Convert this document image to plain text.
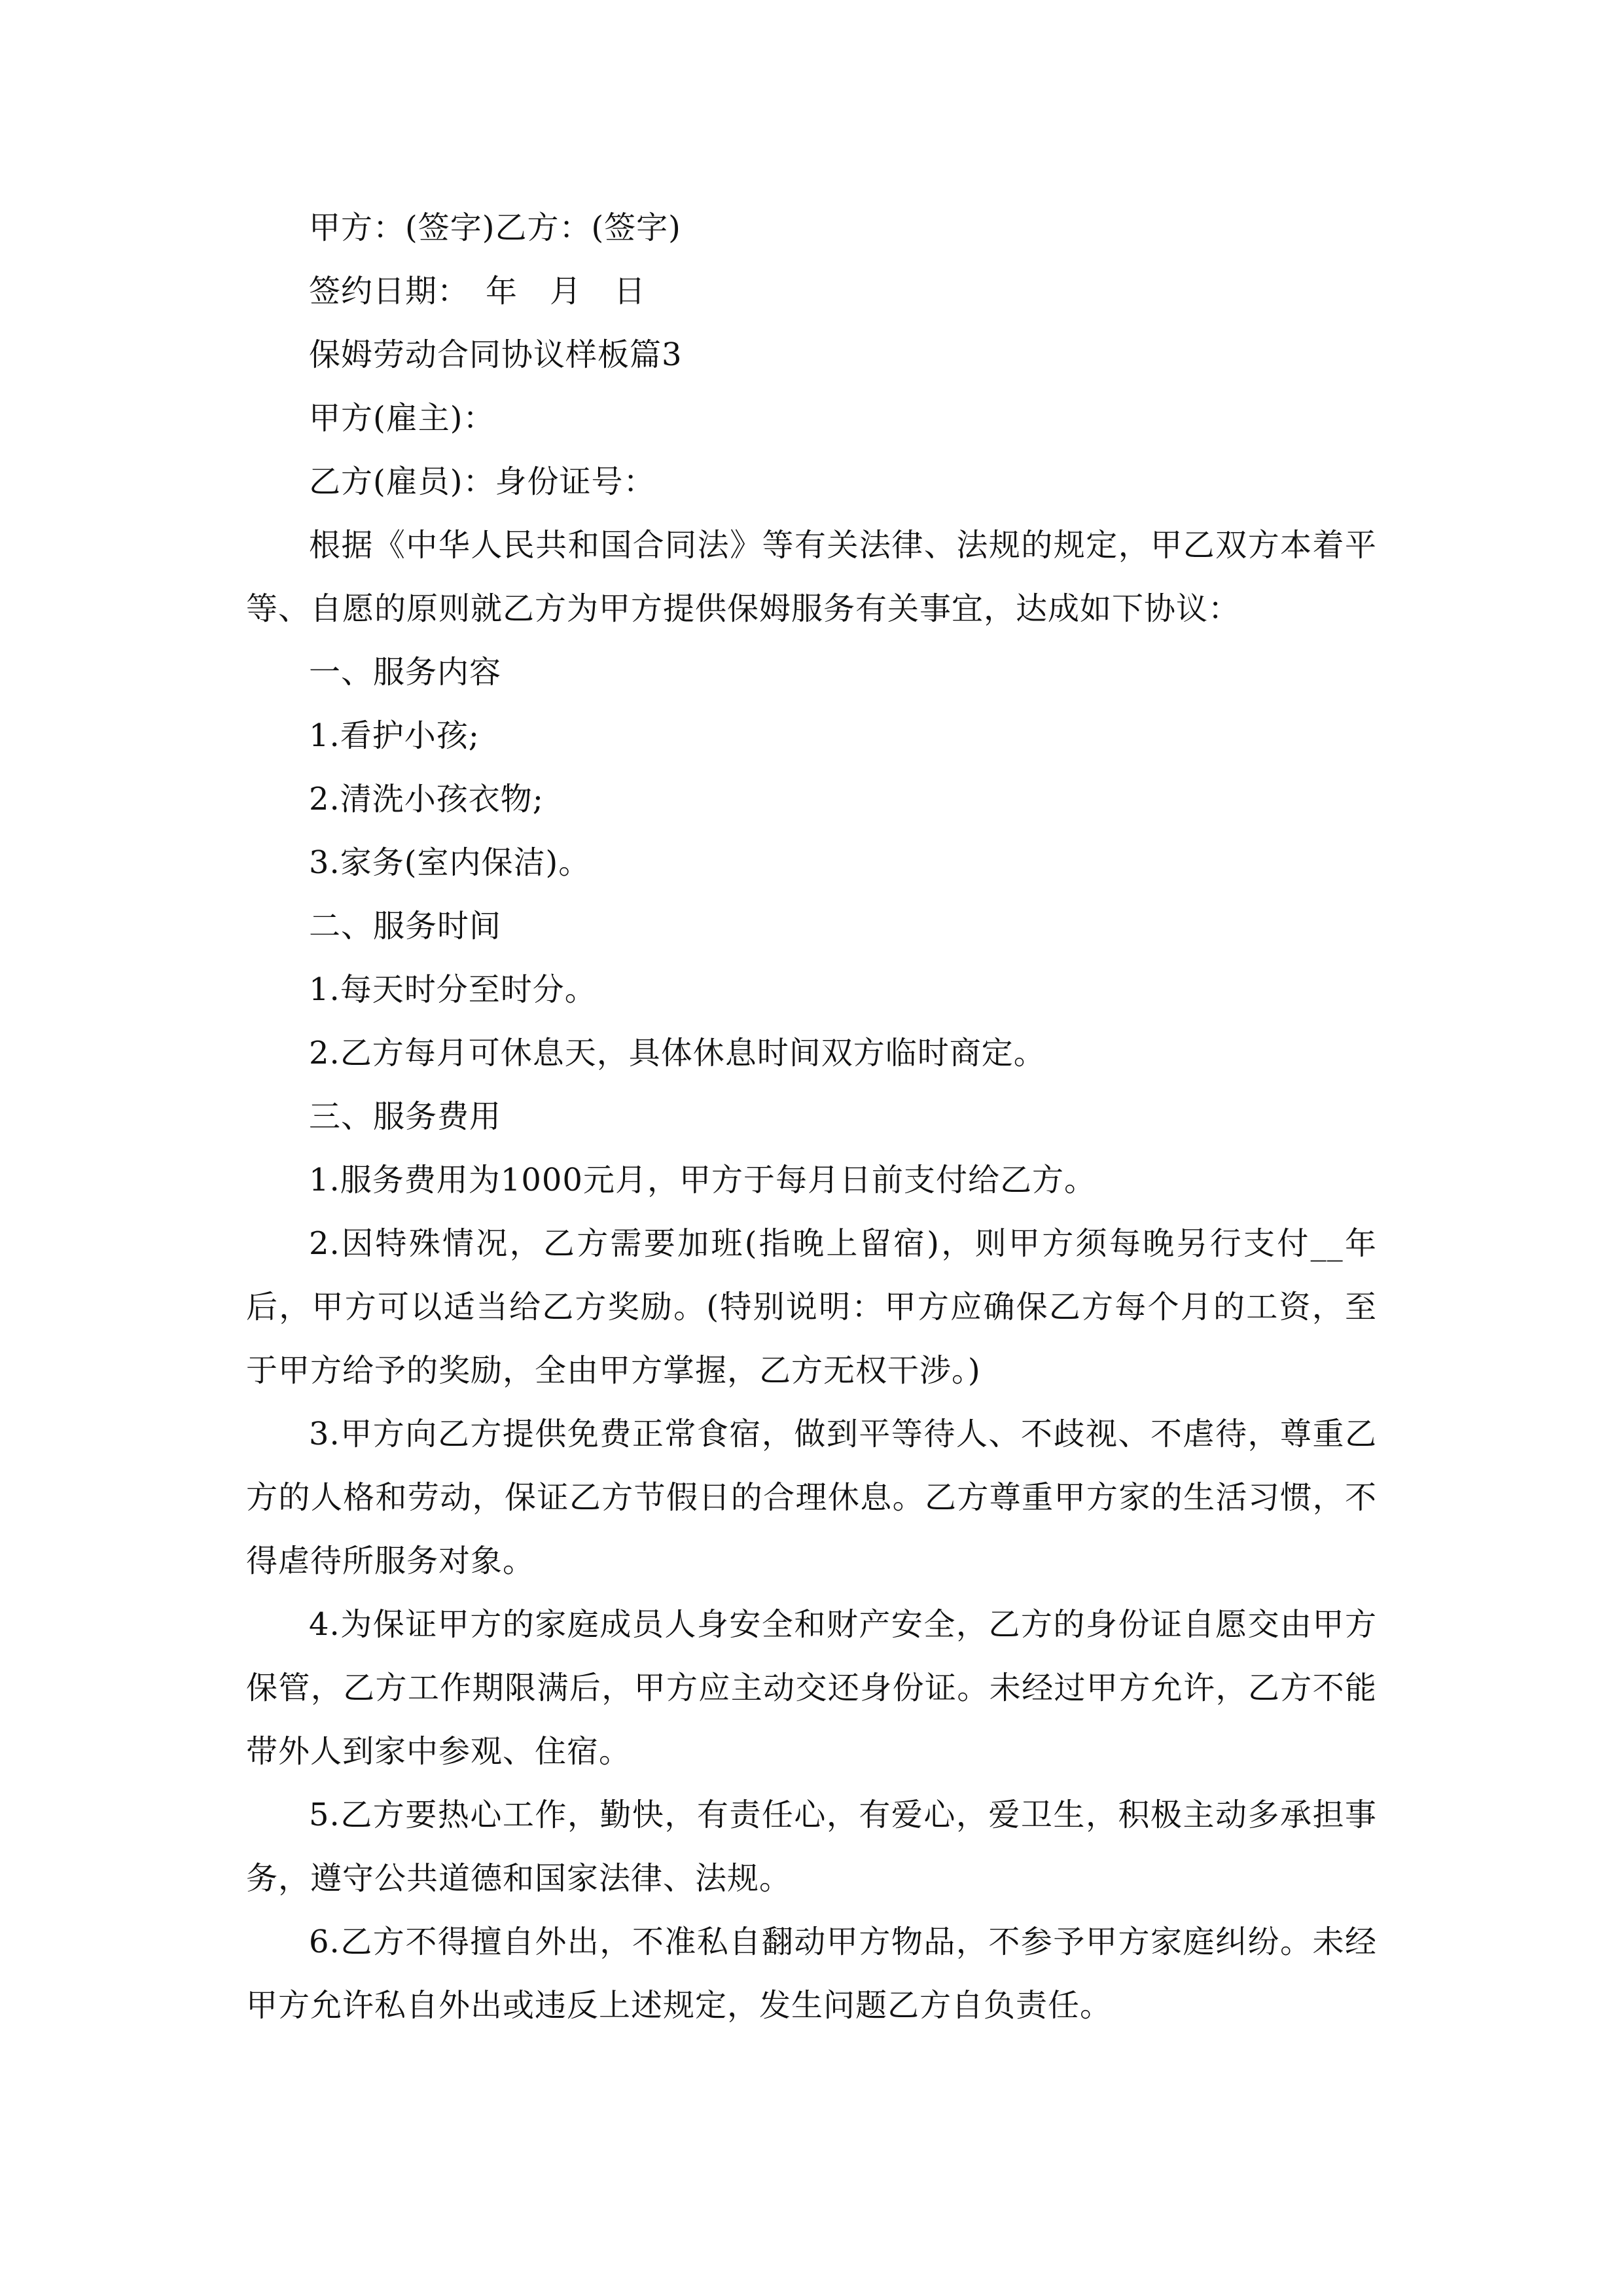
甲方：(签字)乙方：(签字)

签约日期：　年　月　日

保姆劳动合同协议样板篇3

甲方(雇主)：

乙方(雇员)：身份证号：

根据《中华人民共和国合同法》等有关法律、法规的规定，甲乙双方本着平等、自愿的原则就乙方为甲方提供保姆服务有关事宜，达成如下协议：

一、服务内容

1.看护小孩;

2.清洗小孩衣物;

3.家务(室内保洁)。

二、服务时间

1.每天时分至时分。

2.乙方每月可休息天，具体休息时间双方临时商定。

三、服务费用

1.服务费用为1000元月，甲方于每月日前支付给乙方。

2.因特殊情况，乙方需要加班(指晚上留宿)，则甲方须每晚另行支付__年后，甲方可以适当给乙方奖励。(特别说明：甲方应确保乙方每个月的工资，至于甲方给予的奖励，全由甲方掌握，乙方无权干涉。)

3.甲方向乙方提供免费正常食宿，做到平等待人、不歧视、不虐待，尊重乙方的人格和劳动，保证乙方节假日的合理休息。乙方尊重甲方家的生活习惯，不得虐待所服务对象。

4.为保证甲方的家庭成员人身安全和财产安全，乙方的身份证自愿交由甲方保管，乙方工作期限满后，甲方应主动交还身份证。未经过甲方允许，乙方不能带外人到家中参观、住宿。

5.乙方要热心工作，勤快，有责任心，有爱心，爱卫生，积极主动多承担事务，遵守公共道德和国家法律、法规。

6.乙方不得擅自外出，不准私自翻动甲方物品，不参予甲方家庭纠纷。未经甲方允许私自外出或违反上述规定，发生问题乙方自负责任。
